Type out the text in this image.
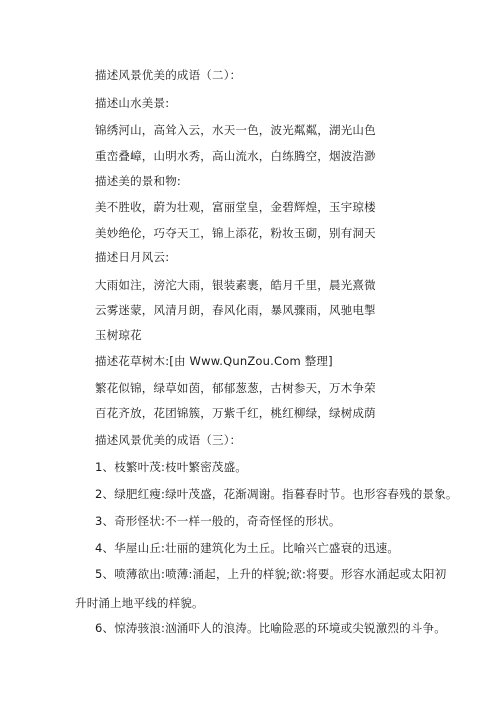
描述风景优美的成语（二）：
描述山水美景:
锦绣河山，高耸入云，水天一色，波光粼粼，湖光山色
重峦叠嶂，山明水秀，高山流水，白练腾空，烟波浩渺
描述美的景和物:
美不胜收，蔚为壮观，富丽堂皇，金碧辉煌，玉宇琼楼
美妙绝伦，巧夺天工，锦上添花，粉妆玉砌，别有洞天
描述日月风云:
大雨如注，滂沱大雨，银装素裹，皓月千里，晨光熹微
云雾迷蒙，风清月朗，春风化雨，暴风骤雨，风驰电掣
玉树琼花
描述花草树木:[由 Www.QunZou.Com 整理]
繁花似锦，绿草如茵，郁郁葱葱，古树参天，万木争荣
百花齐放，花团锦簇，万紫千红，桃红柳绿，绿树成荫
描述风景优美的成语（三）：
1、枝繁叶茂:枝叶繁密茂盛。
2、绿肥红瘦:绿叶茂盛，花渐凋谢。指暮春时节。也形容春残的景象。
3、奇形怪状:不一样一般的，奇奇怪怪的形状。
4、华屋山丘:壮丽的建筑化为土丘。比喻兴亡盛衰的迅速。
5、喷薄欲出:喷薄:涌起，上升的样貌;欲:将要。形容水涌起或太阳初升时涌上地平线的样貌。
6、惊涛骇浪:汹涌吓人的浪涛。比喻险恶的环境或尖锐激烈的斗争。
